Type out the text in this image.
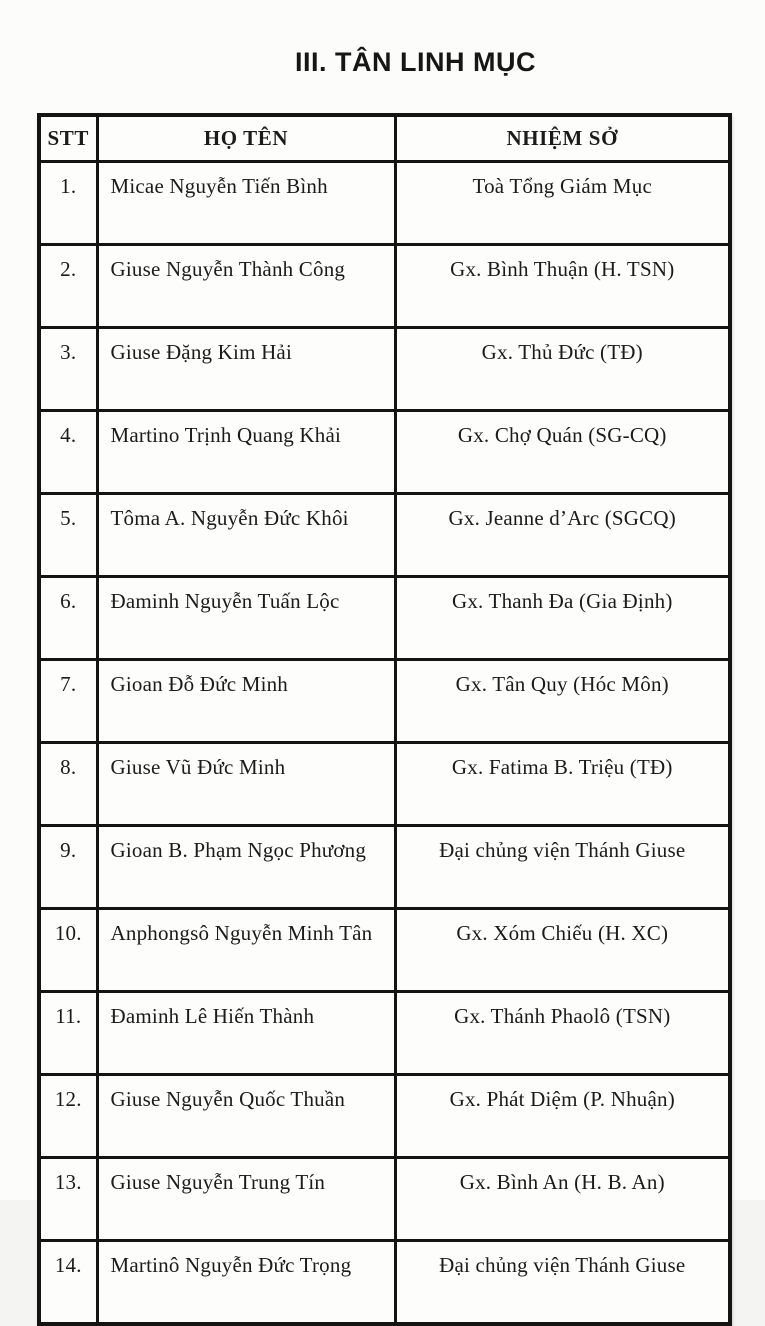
III. TÂN LINH MỤC
STT	HỌ TÊN	NHIỆM SỞ
1.	Micae Nguyễn Tiến Bình	Toà Tổng Giám Mục
2.	Giuse Nguyễn Thành Công	Gx. Bình Thuận (H. TSN)
3.	Giuse Đặng Kim Hải	Gx. Thủ Đức (TĐ)
4.	Martino Trịnh Quang Khải	Gx. Chợ Quán (SG-CQ)
5.	Tôma A. Nguyễn Đức Khôi	Gx. Jeanne d’Arc (SGCQ)
6.	Đaminh Nguyễn Tuấn Lộc	Gx. Thanh Đa (Gia Định)
7.	Gioan Đỗ Đức Minh	Gx. Tân Quy (Hóc Môn)
8.	Giuse Vũ Đức Minh	Gx. Fatima B. Triệu (TĐ)
9.	Gioan B. Phạm Ngọc Phương	Đại chủng viện Thánh Giuse
10.	Anphongsô Nguyễn Minh Tân	Gx. Xóm Chiếu (H. XC)
11.	Đaminh Lê Hiến Thành	Gx. Thánh Phaolô (TSN)
12.	Giuse Nguyễn Quốc Thuần	Gx. Phát Diệm (P. Nhuận)
13.	Giuse Nguyễn Trung Tín	Gx. Bình An (H. B. An)
14.	Martinô Nguyễn Đức Trọng	Đại chủng viện Thánh Giuse
